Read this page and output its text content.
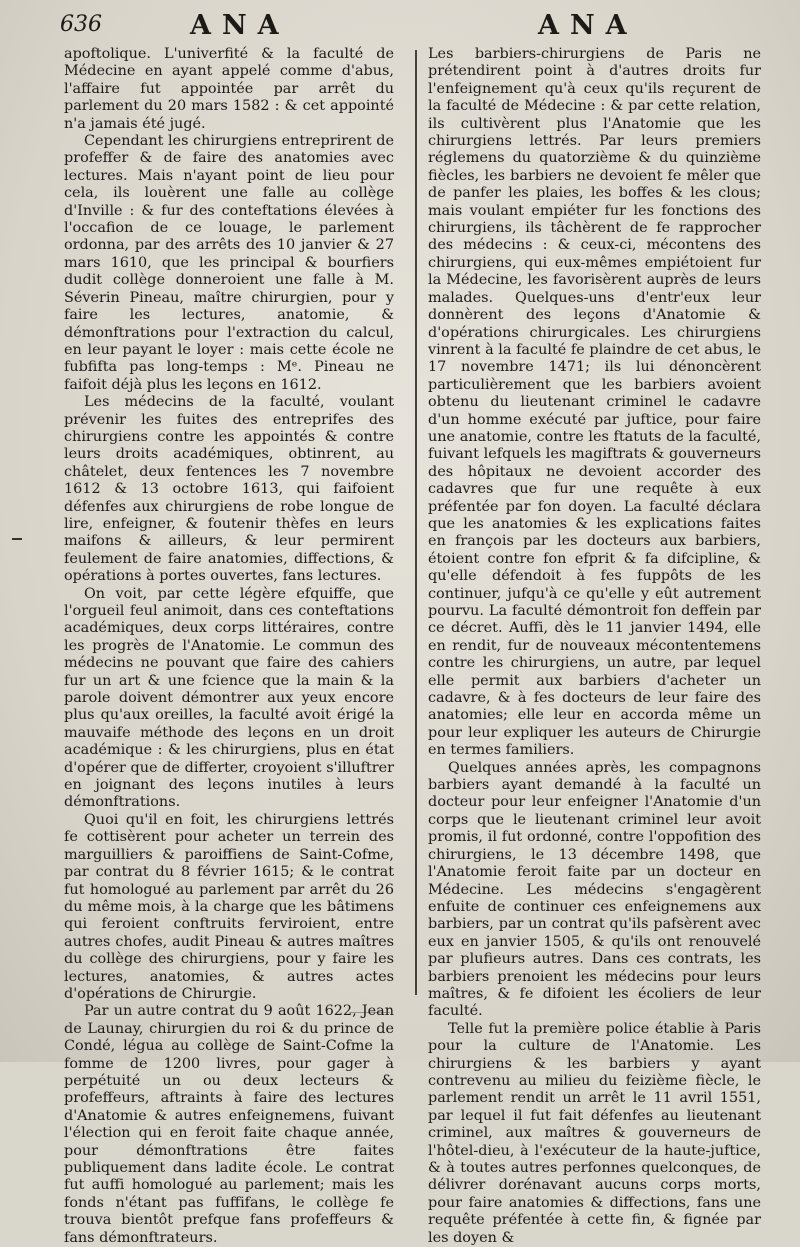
636	ANA	ANA

apoftolique. L'univerfité & la faculté de Médecine en ayant appelé comme d'abus, l'affaire fut appointée par arrêt du parlement du 20 mars 1582 : & cet appointé n'a jamais été jugé.

Cependant les chirurgiens entreprirent de profeffer & de faire des anatomies avec lectures. Mais n'ayant point de lieu pour cela, ils louèrent une falle au collège d'Inville : & fur des conteftations élevées à l'occafion de ce louage, le parlement ordonna, par des arrêts des 10 janvier & 27 mars 1610, que les principal & bourfiers dudit collège donneroient une falle à M. Séverin Pineau, maître chirurgien, pour y faire les lectures, anatomie, & démonftrations pour l'extraction du calcul, en leur payant le loyer : mais cette école ne fubfifta pas long-temps : Mᵉ. Pineau ne faifoit déjà plus les leçons en 1612.

Les médecins de la faculté, voulant prévenir les fuites des entreprifes des chirurgiens contre les appointés & contre leurs droits académiques, obtinrent, au châtelet, deux fentences les 7 novembre 1612 & 13 octobre 1613, qui faifoient défenfes aux chirurgiens de robe longue de lire, enfeigner, & foutenir thèfes en leurs maifons & ailleurs, & leur permirent feulement de faire anatomies, diffections, & opérations à portes ouvertes, fans lectures.

On voit, par cette légère efquiffe, que l'orgueil feul animoit, dans ces conteftations académiques, deux corps littéraires, contre les progrès de l'Anatomie. Le commun des médecins ne pouvant que faire des cahiers fur un art & une fcience que la main & la parole doivent démontrer aux yeux encore plus qu'aux oreilles, la faculté avoit érigé la mauvaife méthode des leçons en un droit académique : & les chirurgiens, plus en état d'opérer que de differter, croyoient s'illuftrer en joignant des leçons inutiles à leurs démonftrations.

Quoi qu'il en foit, les chirurgiens lettrés fe cottisèrent pour acheter un terrein des marguilliers & paroiffiens de Saint-Cofme, par contrat du 8 février 1615; & le contrat fut homologué au parlement par arrêt du 26 du même mois, à la charge que les bâtimens qui feroient conftruits ferviroient, entre autres chofes, audit Pineau & autres maîtres du collège des chirurgiens, pour y faire les lectures, anatomies, & autres actes d'opérations de Chirurgie.

Par un autre contrat du 9 août 1622, Jean de Launay, chirurgien du roi & du prince de Condé, légua au collège de Saint-Cofme la fomme de 1200 livres, pour gager à perpétuité un ou deux lecteurs & profeffeurs, aftraints à faire des lectures d'Anatomie & autres enfeignemens, fuivant l'élection qui en feroit faite chaque année, pour démonftrations être faites publiquement dans ladite école. Le contrat fut auffi homologué au parlement; mais les fonds n'étant pas fuffifans, le collège fe trouva bientôt prefque fans profeffeurs & fans démonftrateurs.

Les barbiers-chirurgiens de Paris ne prétendirent point à d'autres droits fur l'enfeignement qu'à ceux qu'ils reçurent de la faculté de Médecine : & par cette relation, ils cultivèrent plus l'Anatomie que les chirurgiens lettrés. Par leurs premiers réglemens du quatorzième & du quinzième fiècles, les barbiers ne devoient fe mêler que de panfer les plaies, les boffes & les clous; mais voulant empiéter fur les fonctions des chirurgiens, ils tâchèrent de fe rapprocher des médecins : & ceux-ci, mécontens des chirurgiens, qui eux-mêmes empiétoient fur la Médecine, les favorisèrent auprès de leurs malades. Quelques-uns d'entr'eux leur donnèrent des leçons d'Anatomie & d'opérations chirurgicales. Les chirurgiens vinrent à la faculté fe plaindre de cet abus, le 17 novembre 1471; ils lui dénoncèrent particulièrement que les barbiers avoient obtenu du lieutenant criminel le cadavre d'un homme exécuté par juftice, pour faire une anatomie, contre les ftatuts de la faculté, fuivant lefquels les magiftrats & gouverneurs des hôpitaux ne devoient accorder des cadavres que fur une requête à eux préfentée par fon doyen. La faculté déclara que les anatomies & les explications faites en françois par les docteurs aux barbiers, étoient contre fon efprit & fa difcipline, & qu'elle défendoit à fes fuppôts de les continuer, jufqu'à ce qu'elle y eût autrement pourvu. La faculté démontroit fon deffein par ce décret. Auffi, dès le 11 janvier 1494, elle en rendit, fur de nouveaux mécontentemens contre les chirurgiens, un autre, par lequel elle permit aux barbiers d'acheter un cadavre, & à fes docteurs de leur faire des anatomies; elle leur en accorda même un pour leur expliquer les auteurs de Chirurgie en termes familiers.

Quelques années après, les compagnons barbiers ayant demandé à la faculté un docteur pour leur enfeigner l'Anatomie d'un corps que le lieutenant criminel leur avoit promis, il fut ordonné, contre l'oppofition des chirurgiens, le 13 décembre 1498, que l'Anatomie feroit faite par un docteur en Médecine. Les médecins s'engagèrent enfuite de continuer ces enfeignemens aux barbiers, par un contrat qu'ils pafsèrent avec eux en janvier 1505, & qu'ils ont renouvelé par plufieurs autres. Dans ces contrats, les barbiers prenoient les médecins pour leurs maîtres, & fe difoient les écoliers de leur faculté.

Telle fut la première police établie à Paris pour la culture de l'Anatomie. Les chirurgiens & les barbiers y ayant contrevenu au milieu du feizième fiècle, le parlement rendit un arrêt le 11 avril 1551, par lequel il fut fait défenfes au lieutenant criminel, aux maîtres & gouverneurs de l'hôtel-dieu, à l'exécuteur de la haute-juftice, & à toutes autres perfonnes quelconques, de délivrer dorénavant aucuns corps morts, pour faire anatomies & diffections, fans une requête préfentée à cette fin, & fignée par les doyen &
